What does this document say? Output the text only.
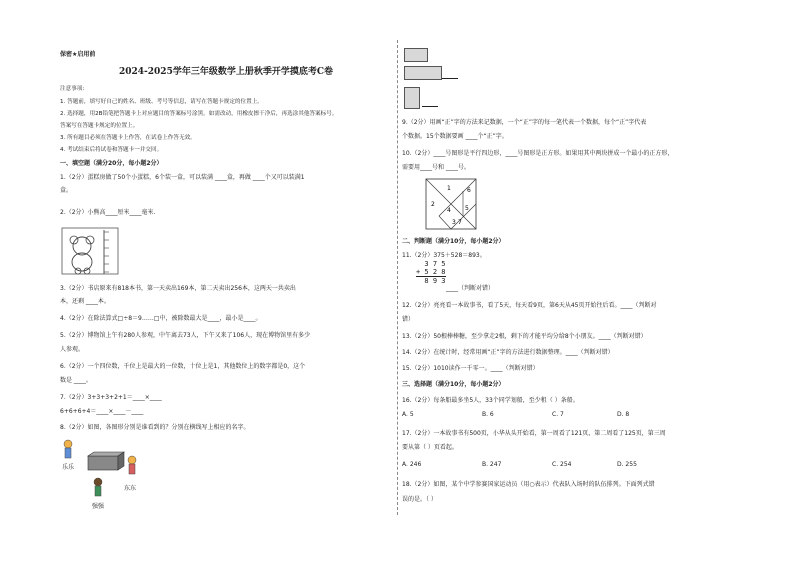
保密★启用前
2024-2025学年三年级数学上册秋季开学摸底考C卷
注意事项:
1. 答题前，填写好自己的姓名、班级、考号等信息，请写在答题卡规定的位置上。
2. 选择题，用2B铅笔把答题卡上对应题目的答案标号涂黑。如需改动，用橡皮擦干净后，再选涂其他答案标号。
答案写在答题卡规定的位置上。
3. 所有题目必须在答题卡上作答，在试卷上作答无效。
4. 考试结束后将试卷和答题卡一并交回。
一、填空题（满分20分，每小题2分）
1.（2分）蛋糕房做了50个小蛋糕，6个装一盒，可以装满 ____盒，再做 ____个又可以装满1
盒。
2.（2分）小熊高____厘米____毫米.
3.（2分）书店原来有818本书，第一天卖出169本，第二天卖出256本，这两天一共卖出
本，还剩 ____本。
4.（2分）在除法算式□÷8＝9……□中，被除数最大是____，最小是____。
5.（2分）博物馆上午有280人参观，中午离去73人，下午又来了106人，现在博物馆里有多少
人参观。
6.（2分）一个四位数，千位上是最大的一位数，十位上是1，其他数位上的数字都是0，这个
数是 ____。
7.（2分）3+3+3+2+1＝____×____
6+6+6+4＝____×____－____
8.（2分）如图，各图形分别是谁看到的？分别在横线写上相应的名字。
乐乐
东东
强强
9.（2分）用画“正”字的方法来记数据，一个“正”字的每一笔代表一个数据，每个“正”字代表
个数据。15个数据要画 ____个“正”字。
10.（2分）____号图形是平行四边形，____号图形是正方形。如果用其中两块拼成一个最小的正方形，
需要用____号和 ____号。
1
2
3
4 5
6
7
二、判断题（满分10分，每小题2分）
11.（2分）375＋528＝893。
3 7 5
+ 5 2 8
8 9 3
____（判断对错）
12.（2分）亮亮看一本故事书，看了5天，每天看9页，第6天从45页开始往后看。____（判断对
错）
13.（2分）50根棒棒糖，至少拿走2根，剩下的才能平均分给8个小朋友。____（判断对错）
14.（2分）在统计时，经常用画“正”字的方法进行数据整理。____（判断对错）
15.（2分）1010读作一千零一。____（判断对错）
三、选择题（满分10分，每小题2分）
16.（2分）每条船最多坐5人，33个同学划船，至少租（ ）条船。
A. 5	B. 6	C. 7	D. 8
17.（2分）一本故事书有500页，小华从头开始看，第一周看了121页，第二周看了125页，第三周
要从第（ ）页看起。
A. 246	B. 247	C. 254	D. 255
18.（2分）如图，某个中学参赛国家运动员（用○表示）代表队入场时的队伍排列。下面列式错
误的是。（ ）
